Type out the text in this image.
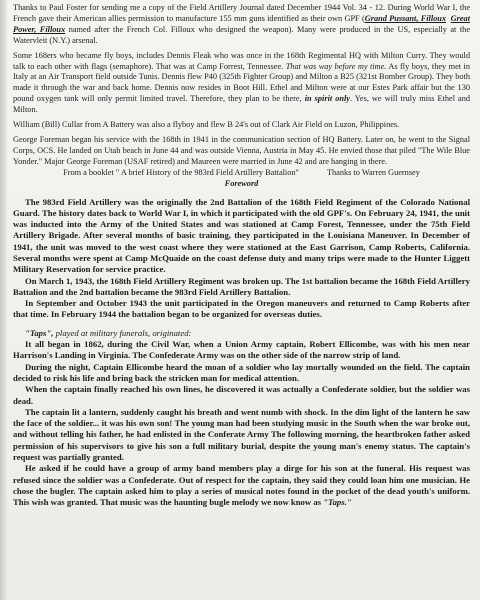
Thanks to Paul Foster for sending me a copy of the Field Artillery Journal dated December 1944 Vol. 34 - 12. During World War I, the French gave their American allies permission to manufacture 155 mm guns identified as their own GPF (Grand Pussant, Filloux Great Power, Filloux named after the French Col. Filloux who designed the weapon). Many were produced in the US, especially at the Watervleit (N.Y.) arsenal.

Some 168ers who became fly boys, includes Dennis Fleak who was once in the 168th Regimental HQ with Milton Curry. They would talk to each other with flags (semaphore). That was at Camp Forrest, Tennessee. That was way before my time. As fly boys, they met in Italy at an Air Transport field outside Tunis. Dennis flew P40 (325th Fighter Group) and Milton a B25 (321st Bomber Group). They both made it through the war and back home. Dennis now resides in Boot Hill. Ethel and Milton were at our Estes Park affair but the 130 pound oxygen tank will only permit limited travel. Therefore, they plan to be there, in spirit only. Yes, we will truly miss Ethel and Milton.

William (Bill) Cullar from A Battery was also a flyboy and flew B 24's out of Clark Air Field on Luzon, Philippines.

George Foreman began his service with the 168th in 1941 in the communication section of HQ Battery. Later on, he went to the Signal Corps, OCS. He landed on Utah beach in June 44 and was outside Vienna, Austria in May 45. He envied those that piled "The Wile Blue Yonder." Major George Foreman (USAF retired) and Maureen were married in June 42 and are hanging in there.

From a booklet " A brief History of the 983rd Field Artillery Battalion"	Thanks to Warren Guernsey

Foreword

The 983rd Field Artillery was the originally the 2nd Battalion of the 168th Field Regiment of the Colorado National Guard. The history dates back to World War I, in which it participated with the old GPF's. On February 24, 1941, the unit was inducted into the Army of the United States and was stationed at Camp Forest, Tennessee, under the 75th Field Artillery Brigade. After several months of basic training, they participated in the Louisiana Maneuver. In December of 1941, the unit was moved to the west coast where they were stationed at the East Garrison, Camp Roberts, California. Several months were spent at Camp McQuaide on the coast defense duty and many trips were made to the Hunter Liggett Military Reservation for service practice.

On March 1, 1943, the 168th Field Artillery Regiment was broken up. The 1st battalion became the 168th Field Artillery Battalion and the 2nd battalion became the 983rd Field Artillery Battalion.

In September and October 1943 the unit participated in the Oregon maneuvers and returned to Camp Roberts after that time. In February 1944 the battalion began to be organized for overseas duties.

"Taps", played at military funerals, originated:

It all began in 1862, during the Civil War, when a Union Army captain, Robert Ellicombe, was with his men near Harrison's Landing in Virginia. The Confederate Army was on the other side of the narrow strip of land.

During the night, Captain Ellicombe heard the moan of a soldier who lay mortally wounded on the field. The captain decided to risk his life and bring back the stricken man for medical attention.

When the captain finally reached his own lines, he discovered it was actually a Confederate soldier, but the soldier was dead.

The captain lit a lantern, suddenly caught his breath and went numb with shock. In the dim light of the lantern he saw the face of the soldier... it was his own son! The young man had been studying music in the South when the war broke out, and without telling his father, he had enlisted in the Conferate Army The following morning, the heartbroken father asked permission of his supervisors to give his son a full military burial, despite the young man's enemy status. The captain's request was partially granted.

He asked if he could have a group of army band members play a dirge for his son at the funeral. His request was refused since the soldier was a Confederate. Out of respect for the captain, they said they could loan him one musician. He chose the bugler. The captain asked him to play a series of musical notes found in the pocket of the dead youth's uniform. This wish was granted. That music was the haunting bugle melody we now know as "Taps."
